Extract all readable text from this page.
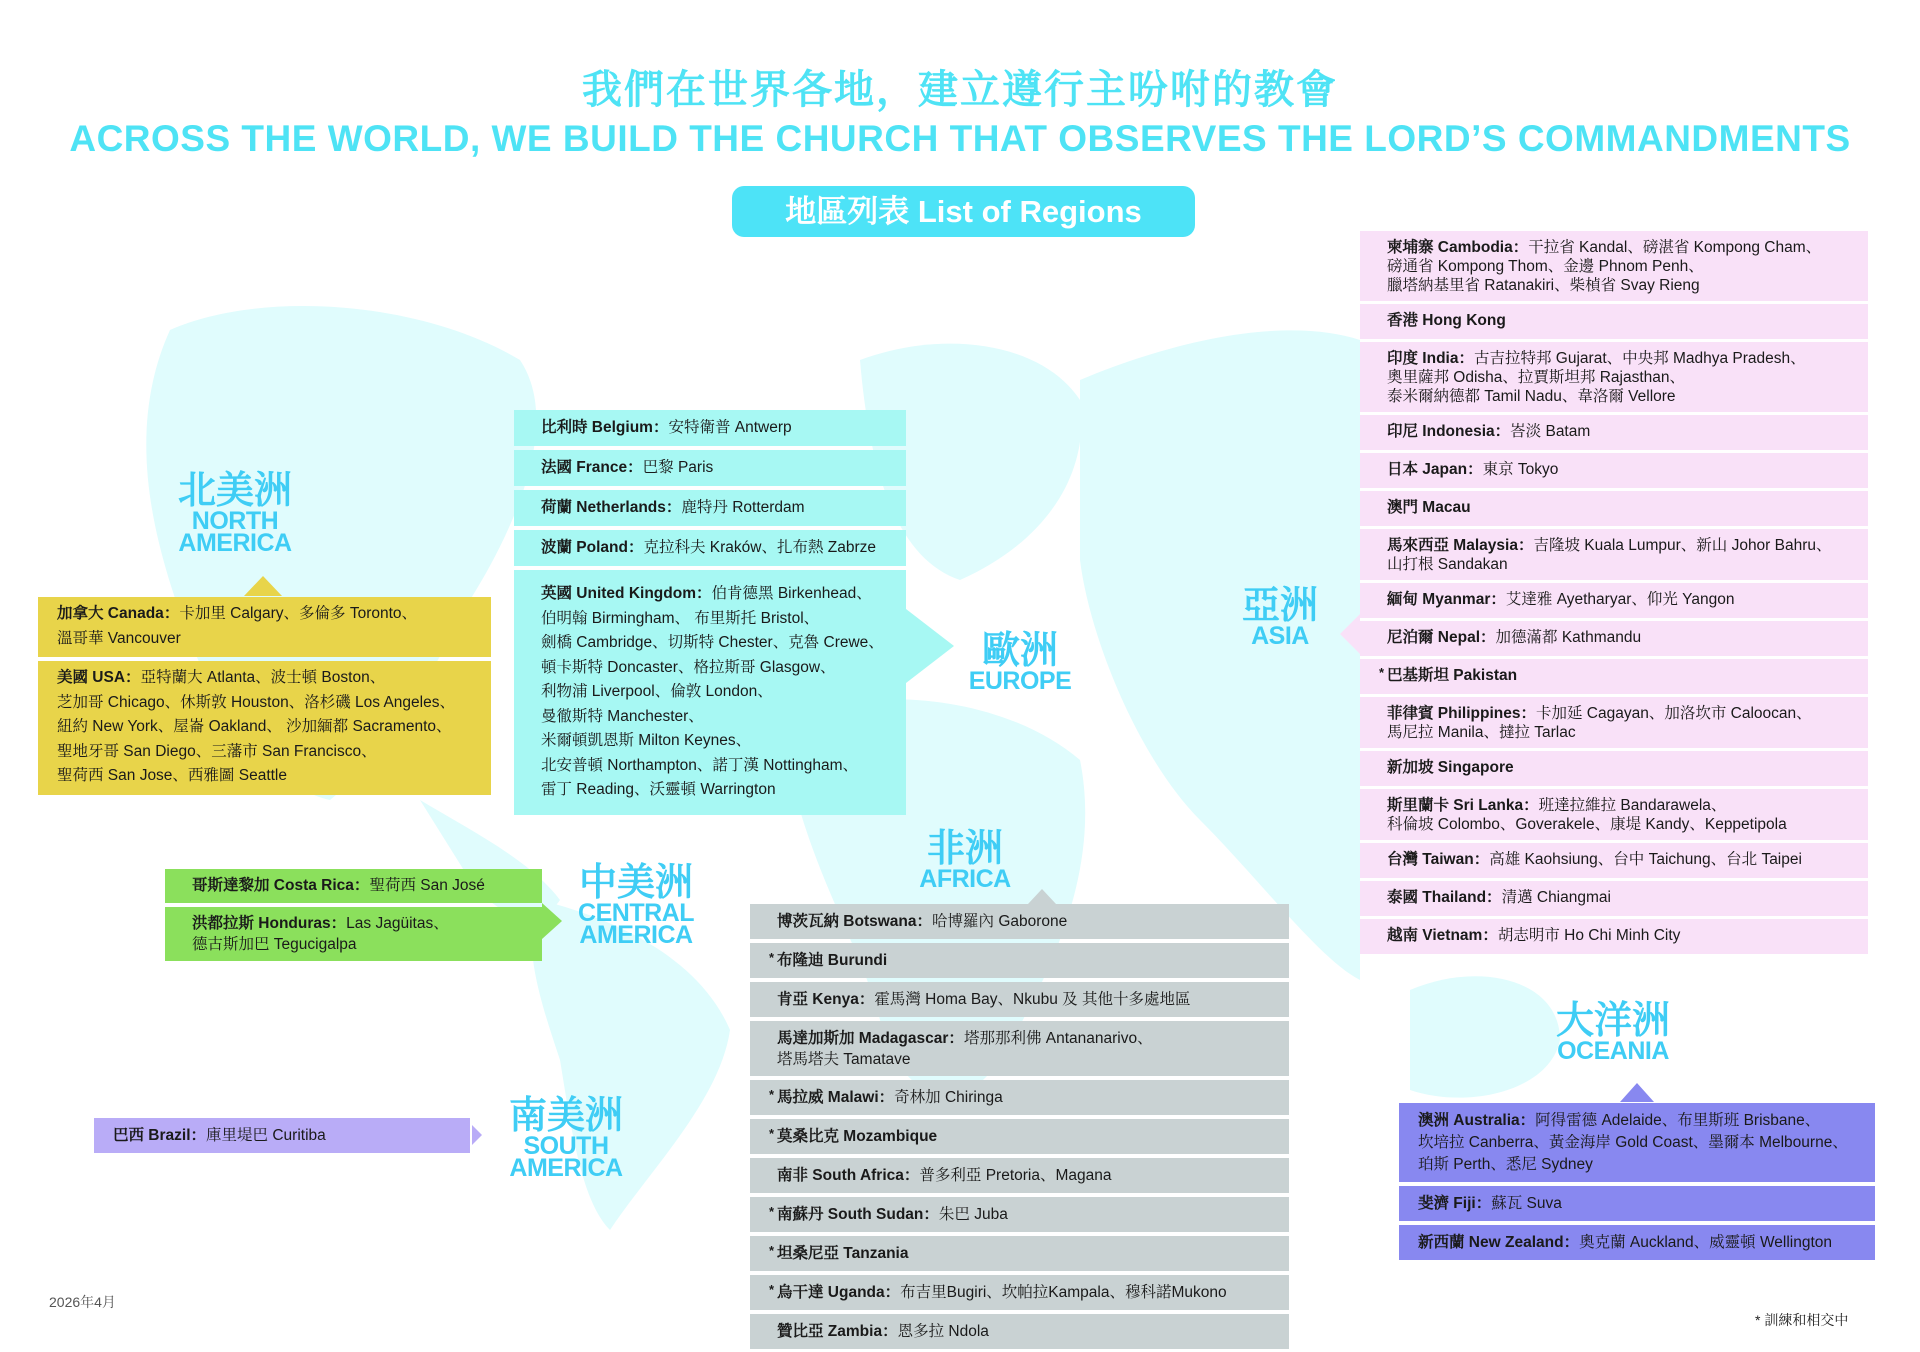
我們在世界各地，建立遵行主吩咐的教會
ACROSS THE WORLD, WE BUILD THE CHURCH THAT OBSERVES THE LORD’S COMMANDMENTS
地區列表 List of Regions
柬埔寨 Cambodia：干拉省 Kandal、磅湛省 Kompong Cham、
磅通省 Kompong Thom、金邊 Phnom Penh、
臘塔納基里省 Ratanakiri、柴楨省 Svay Rieng
香港 Hong Kong
印度 India：古吉拉特邦 Gujarat、中央邦 Madhya Pradesh、
奧里薩邦 Odisha、拉賈斯坦邦 Rajasthan、
泰米爾納德都 Tamil Nadu、韋洛爾 Vellore
印尼 Indonesia：峇淡 Batam
日本 Japan：東京 Tokyo
澳門 Macau
馬來西亞 Malaysia：吉隆坡 Kuala Lumpur、新山 Johor Bahru、
山打根 Sandakan
緬甸 Myanmar：艾達雅 Ayetharyar、仰光 Yangon
尼泊爾 Nepal：加德滿都 Kathmandu
* 巴基斯坦 Pakistan
菲律賓 Philippines：卡加延 Cagayan、加洛坎市 Caloocan、
馬尼拉 Manila、撻拉 Tarlac
新加坡 Singapore
斯里蘭卡 Sri Lanka：班達拉維拉 Bandarawela、
科倫坡 Colombo、Goverakele、康堤 Kandy、Keppetipola
台灣 Taiwan：高雄 Kaohsiung、台中 Taichung、台北 Taipei
泰國 Thailand：清邁 Chiangmai
越南 Vietnam：胡志明市 Ho Chi Minh City
比利時 Belgium：安特衛普 Antwerp
法國 France：巴黎 Paris
荷蘭 Netherlands：鹿特丹 Rotterdam
波蘭 Poland：克拉科夫 Kraków、扎布熱 Zabrze
英國 United Kingdom：伯肯德黑 Birkenhead、
伯明翰 Birmingham、 布里斯托 Bristol、
劍橋 Cambridge、切斯特 Chester、克魯 Crewe、
頓卡斯特 Doncaster、格拉斯哥 Glasgow、
利物浦 Liverpool、倫敦 London、
曼徹斯特 Manchester、
米爾頓凱恩斯 Milton Keynes、
北安普頓 Northampton、諾丁漢 Nottingham、
雷丁 Reading、沃靈頓 Warrington
加拿大 Canada：卡加里 Calgary、多倫多 Toronto、
溫哥華 Vancouver
美國 USA：亞特蘭大 Atlanta、波士頓 Boston、
芝加哥 Chicago、休斯敦 Houston、洛杉磯 Los Angeles、
紐約 New York、屋崙 Oakland、 沙加緬都 Sacramento、
聖地牙哥 San Diego、三藩市 San Francisco、
聖荷西 San Jose、西雅圖 Seattle
哥斯達黎加 Costa Rica：聖荷西 San José
洪都拉斯 Honduras：Las Jagüitas、
德古斯加巴 Tegucigalpa
巴西 Brazil：庫里堤巴 Curitiba
博茨瓦納 Botswana：哈博羅內 Gaborone
* 布隆迪 Burundi
肯亞 Kenya：霍馬灣 Homa Bay、Nkubu 及 其他十多處地區
馬達加斯加 Madagascar：塔那那利佛 Antananarivo、
塔馬塔夫 Tamatave
* 馬拉威 Malawi：奇林加 Chiringa
* 莫桑比克 Mozambique
南非 South Africa：普多利亞 Pretoria、Magana
* 南蘇丹 South Sudan：朱巴 Juba
* 坦桑尼亞 Tanzania
* 烏干達 Uganda：布吉里Bugiri、坎帕拉Kampala、穆科諾Mukono
贊比亞 Zambia：恩多拉 Ndola
澳洲 Australia：阿得雷德 Adelaide、布里斯班 Brisbane、
坎培拉 Canberra、黃金海岸 Gold Coast、墨爾本 Melbourne、
珀斯 Perth、悉尼 Sydney
斐濟 Fiji：蘇瓦 Suva
新西蘭 New Zealand：奧克蘭 Auckland、威靈頓 Wellington
北美洲
NORTH
AMERICA
歐洲
EUROPE
亞洲
ASIA
非洲
AFRICA
中美洲
CENTRAL
AMERICA
南美洲
SOUTH
AMERICA
大洋洲
OCEANIA
2026年4月
* 訓練和相交中
